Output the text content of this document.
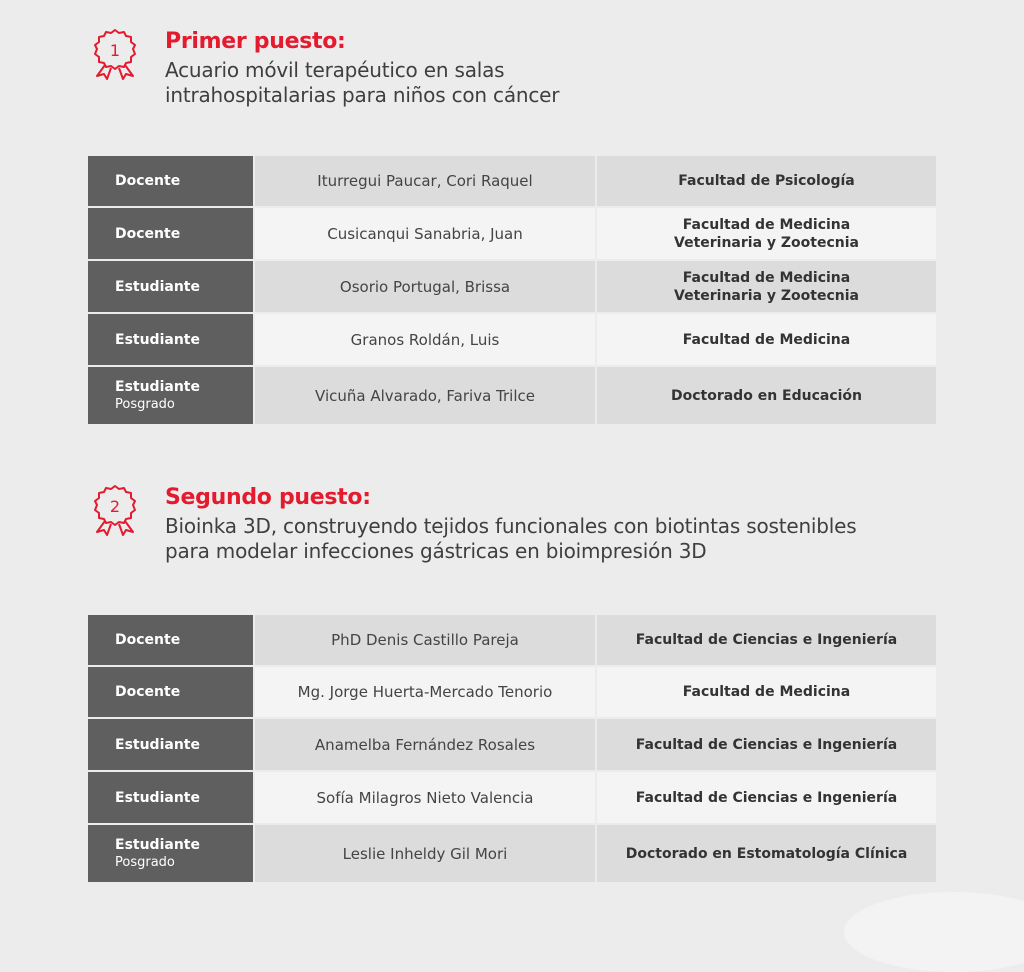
1 Primer puesto:
Acuario móvil terapéutico en salas
intrahospitalarias para niños con cáncer
Docente	Iturregui Paucar, Cori Raquel	Facultad de Psicología
Docente	Cusicanqui Sanabria, Juan	Facultad de Medicina
Veterinaria y Zootecnia
Estudiante	Osorio Portugal, Brissa	Facultad de Medicina
Veterinaria y Zootecnia
Estudiante	Granos Roldán, Luis	Facultad de Medicina
Estudiante
Posgrado	Vicuña Alvarado, Fariva Trilce	Doctorado en Educación
2 Segundo puesto:
Bioinka 3D, construyendo tejidos funcionales con biotintas sostenibles
para modelar infecciones gástricas en bioimpresión 3D
Docente	PhD Denis Castillo Pareja	Facultad de Ciencias e Ingeniería
Docente	Mg. Jorge Huerta-Mercado Tenorio	Facultad de Medicina
Estudiante	Anamelba Fernández Rosales	Facultad de Ciencias e Ingeniería
Estudiante	Sofía Milagros Nieto Valencia	Facultad de Ciencias e Ingeniería
Estudiante
Posgrado	Leslie Inheldy Gil Mori	Doctorado en Estomatología Clínica
